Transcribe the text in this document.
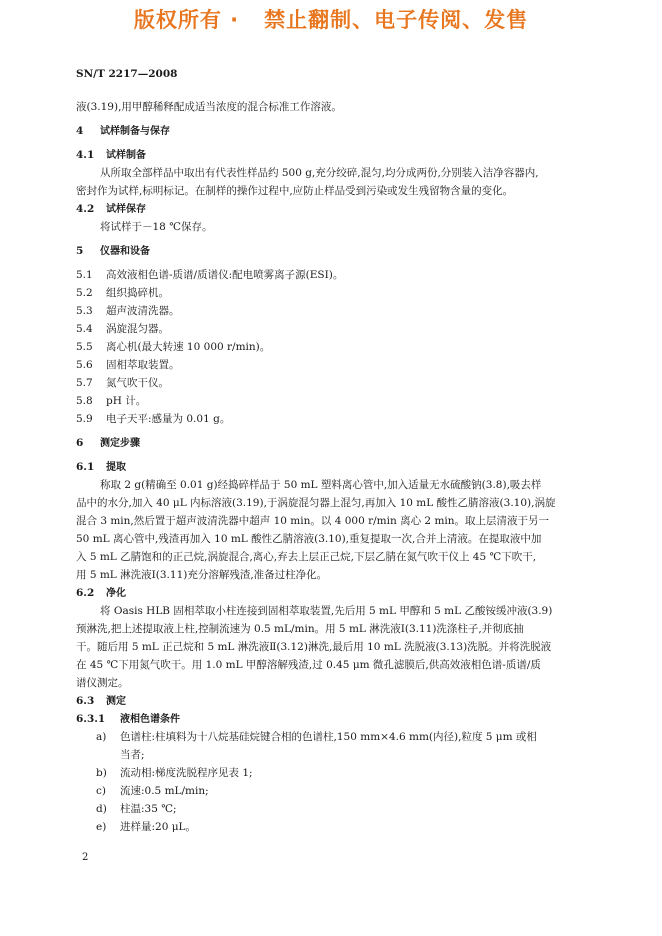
版权所有 ·   禁止翻制、电子传阅、发售
SN/T 2217—2008
液(3.19),用甲醇稀释配成适当浓度的混合标准工作溶液。
4 试样制备与保存
4.1 试样制备
从所取全部样品中取出有代表性样品约 500 g,充分绞碎,混匀,均分成两份,分别装入洁净容器内,
密封作为试样,标明标记。在制样的操作过程中,应防止样品受到污染或发生残留物含量的变化。
4.2 试样保存
将试样于－18 ℃保存。
5 仪器和设备
5.1 高效液相色谱-质谱/质谱仪:配电喷雾离子源(ESI)。
5.2 组织捣碎机。
5.3 超声波清洗器。
5.4 涡旋混匀器。
5.5 离心机(最大转速 10 000 r/min)。
5.6 固相萃取装置。
5.7 氮气吹干仪。
5.8 pH 计。
5.9 电子天平:感量为 0.01 g。
6 测定步骤
6.1 提取
称取 2 g(精确至 0.01 g)经捣碎样品于 50 mL 塑料离心管中,加入适量无水硫酸钠(3.8),吸去样
品中的水分,加入 40 μL 内标溶液(3.19),于涡旋混匀器上混匀,再加入 10 mL 酸性乙腈溶液(3.10),涡旋
混合 3 min,然后置于超声波清洗器中超声 10 min。以 4 000 r/min 离心 2 min。取上层清液于另一
50 mL 离心管中,残渣再加入 10 mL 酸性乙腈溶液(3.10),重复提取一次,合并上清液。在提取液中加
入 5 mL 乙腈饱和的正己烷,涡旋混合,离心,弃去上层正己烷,下层乙腈在氮气吹干仪上 45 ℃下吹干,
用 5 mL 淋洗液Ⅰ(3.11)充分溶解残渣,准备过柱净化。
6.2 净化
将 Oasis HLB 固相萃取小柱连接到固相萃取装置,先后用 5 mL 甲醇和 5 mL 乙酸铵缓冲液(3.9)
预淋洗,把上述提取液上柱,控制流速为 0.5 mL/min。用 5 mL 淋洗液Ⅰ(3.11)洗涤柱子,并彻底抽
干。随后用 5 mL 正己烷和 5 mL 淋洗液Ⅱ(3.12)淋洗,最后用 10 mL 洗脱液(3.13)洗脱。并将洗脱液
在 45 ℃下用氮气吹干。用 1.0 mL 甲醇溶解残渣,过 0.45 μm 微孔滤膜后,供高效液相色谱-质谱/质
谱仪测定。
6.3 测定
6.3.1 液相色谱条件
a) 色谱柱:柱填料为十八烷基硅烷键合相的色谱柱,150 mm×4.6 mm(内径),粒度 5 μm 或相
当者;
b) 流动相:梯度洗脱程序见表 1;
c) 流速:0.5 mL/min;
d) 柱温:35 ℃;
e) 进样量:20 μL。
2
